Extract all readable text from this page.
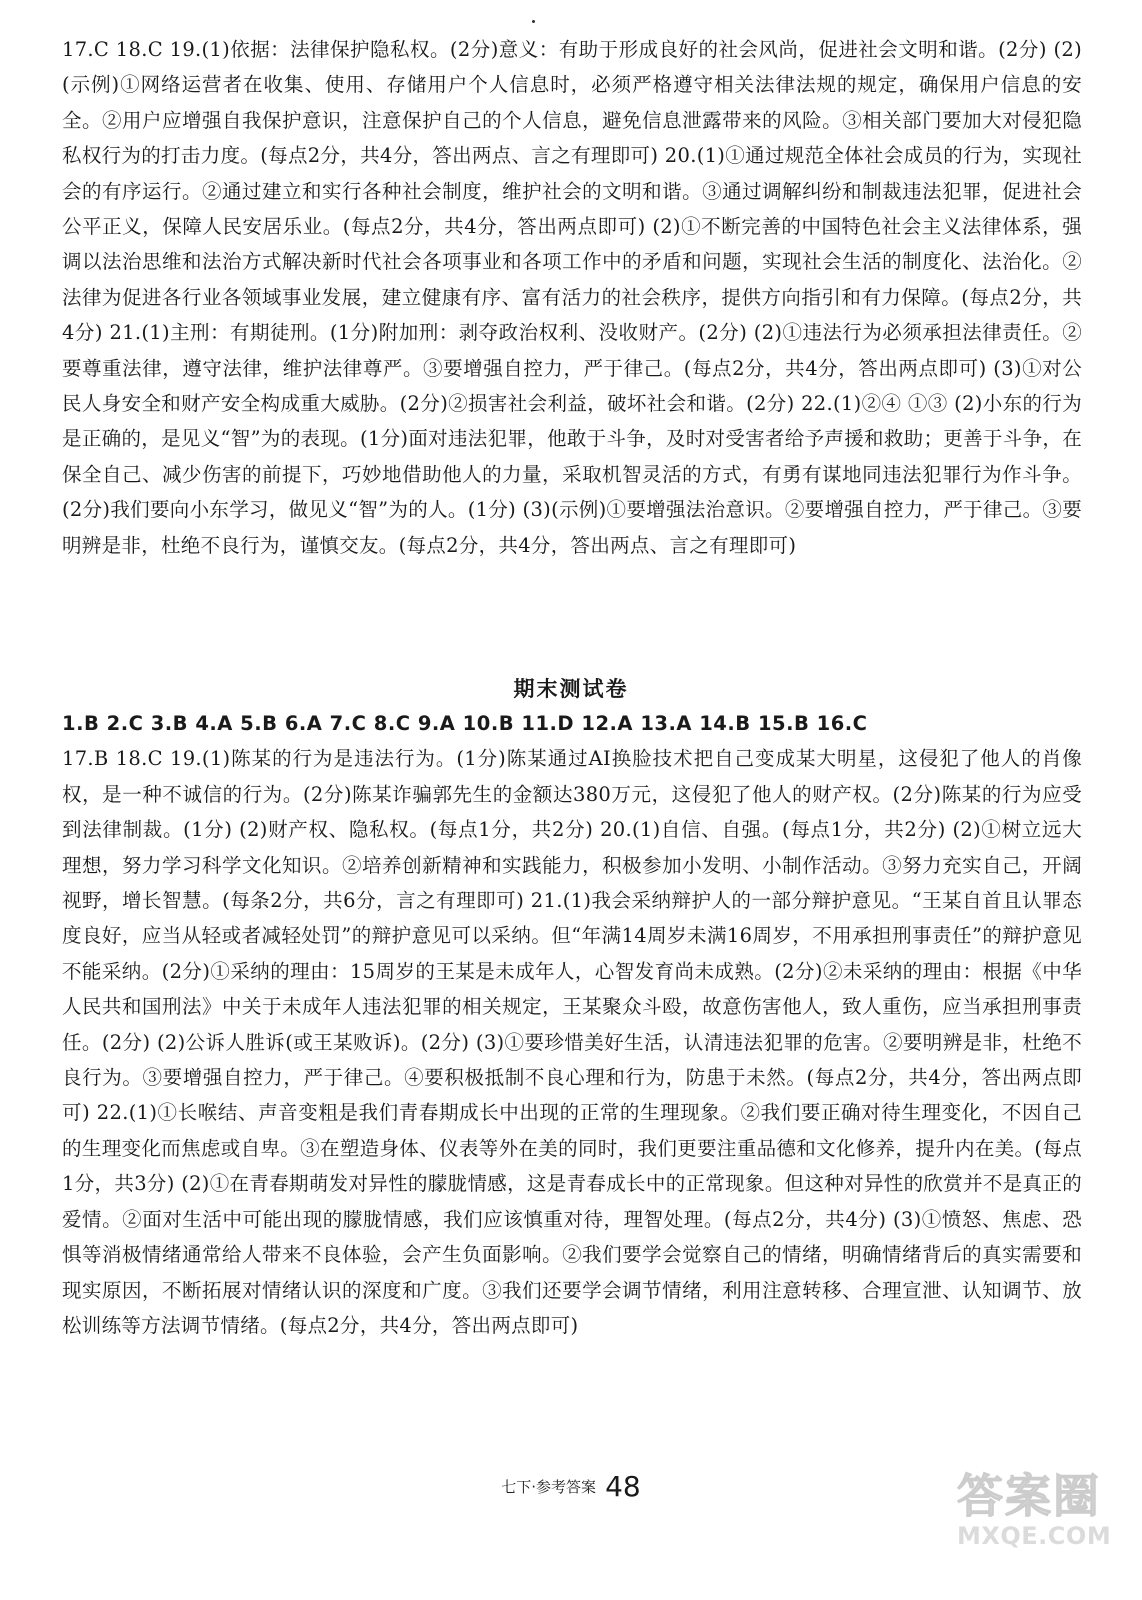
17.C 18.C 19.(1)依据：法律保护隐私权。(2分)意义：有助于形成良好的社会风尚，促进社会文明和谐。(2分) (2)(示例)①网络运营者在收集、使用、存储用户个人信息时，必须严格遵守相关法律法规的规定，确保用户信息的安全。②用户应增强自我保护意识，注意保护自己的个人信息，避免信息泄露带来的风险。③相关部门要加大对侵犯隐私权行为的打击力度。(每点2分，共4分，答出两点、言之有理即可) 20.(1)①通过规范全体社会成员的行为，实现社会的有序运行。②通过建立和实行各种社会制度，维护社会的文明和谐。③通过调解纠纷和制裁违法犯罪，促进社会公平正义，保障人民安居乐业。(每点2分，共4分，答出两点即可) (2)①不断完善的中国特色社会主义法律体系，强调以法治思维和法治方式解决新时代社会各项事业和各项工作中的矛盾和问题，实现社会生活的制度化、法治化。②法律为促进各行业各领域事业发展，建立健康有序、富有活力的社会秩序，提供方向指引和有力保障。(每点2分，共4分) 21.(1)主刑：有期徒刑。(1分)附加刑：剥夺政治权利、没收财产。(2分) (2)①违法行为必须承担法律责任。②要尊重法律，遵守法律，维护法律尊严。③要增强自控力，严于律己。(每点2分，共4分，答出两点即可) (3)①对公民人身安全和财产安全构成重大威胁。(2分)②损害社会利益，破坏社会和谐。(2分) 22.(1)②④ ①③ (2)小东的行为是正确的，是见义“智”为的表现。(1分)面对违法犯罪，他敢于斗争，及时对受害者给予声援和救助；更善于斗争，在保全自己、减少伤害的前提下，巧妙地借助他人的力量，采取机智灵活的方式，有勇有谋地同违法犯罪行为作斗争。(2分)我们要向小东学习，做见义“智”为的人。(1分) (3)(示例)①要增强法治意识。②要增强自控力，严于律己。③要明辨是非，杜绝不良行为，谨慎交友。(每点2分，共4分，答出两点、言之有理即可)
期末测试卷
1.B 2.C 3.B 4.A 5.B 6.A 7.C 8.C 9.A 10.B 11.D 12.A 13.A 14.B 15.B 16.C
17.B 18.C 19.(1)陈某的行为是违法行为。(1分)陈某通过AI换脸技术把自己变成某大明星，这侵犯了他人的肖像权，是一种不诚信的行为。(2分)陈某诈骗郭先生的金额达380万元，这侵犯了他人的财产权。(2分)陈某的行为应受到法律制裁。(1分) (2)财产权、隐私权。(每点1分，共2分) 20.(1)自信、自强。(每点1分，共2分) (2)①树立远大理想，努力学习科学文化知识。②培养创新精神和实践能力，积极参加小发明、小制作活动。③努力充实自己，开阔视野，增长智慧。(每条2分，共6分，言之有理即可) 21.(1)我会采纳辩护人的一部分辩护意见。“王某自首且认罪态度良好，应当从轻或者减轻处罚”的辩护意见可以采纳。但“年满14周岁未满16周岁，不用承担刑事责任”的辩护意见不能采纳。(2分)①采纳的理由：15周岁的王某是未成年人，心智发育尚未成熟。(2分)②未采纳的理由：根据《中华人民共和国刑法》中关于未成年人违法犯罪的相关规定，王某聚众斗殴，故意伤害他人，致人重伤，应当承担刑事责任。(2分) (2)公诉人胜诉(或王某败诉)。(2分) (3)①要珍惜美好生活，认清违法犯罪的危害。②要明辨是非，杜绝不良行为。③要增强自控力，严于律己。④要积极抵制不良心理和行为，防患于未然。(每点2分，共4分，答出两点即可) 22.(1)①长喉结、声音变粗是我们青春期成长中出现的正常的生理现象。②我们要正确对待生理变化，不因自己的生理变化而焦虑或自卑。③在塑造身体、仪表等外在美的同时，我们更要注重品德和文化修养，提升内在美。(每点1分，共3分) (2)①在青春期萌发对异性的朦胧情感，这是青春成长中的正常现象。但这种对异性的欣赏并不是真正的爱情。②面对生活中可能出现的朦胧情感，我们应该慎重对待，理智处理。(每点2分，共4分) (3)①愤怒、焦虑、恐惧等消极情绪通常给人带来不良体验，会产生负面影响。②我们要学会觉察自己的情绪，明确情绪背后的真实需要和现实原因，不断拓展对情绪认识的深度和广度。③我们还要学会调节情绪，利用注意转移、合理宣泄、认知调节、放松训练等方法调节情绪。(每点2分，共4分，答出两点即可)
七下·参考答案 48	答案圈
MXQE.COM
